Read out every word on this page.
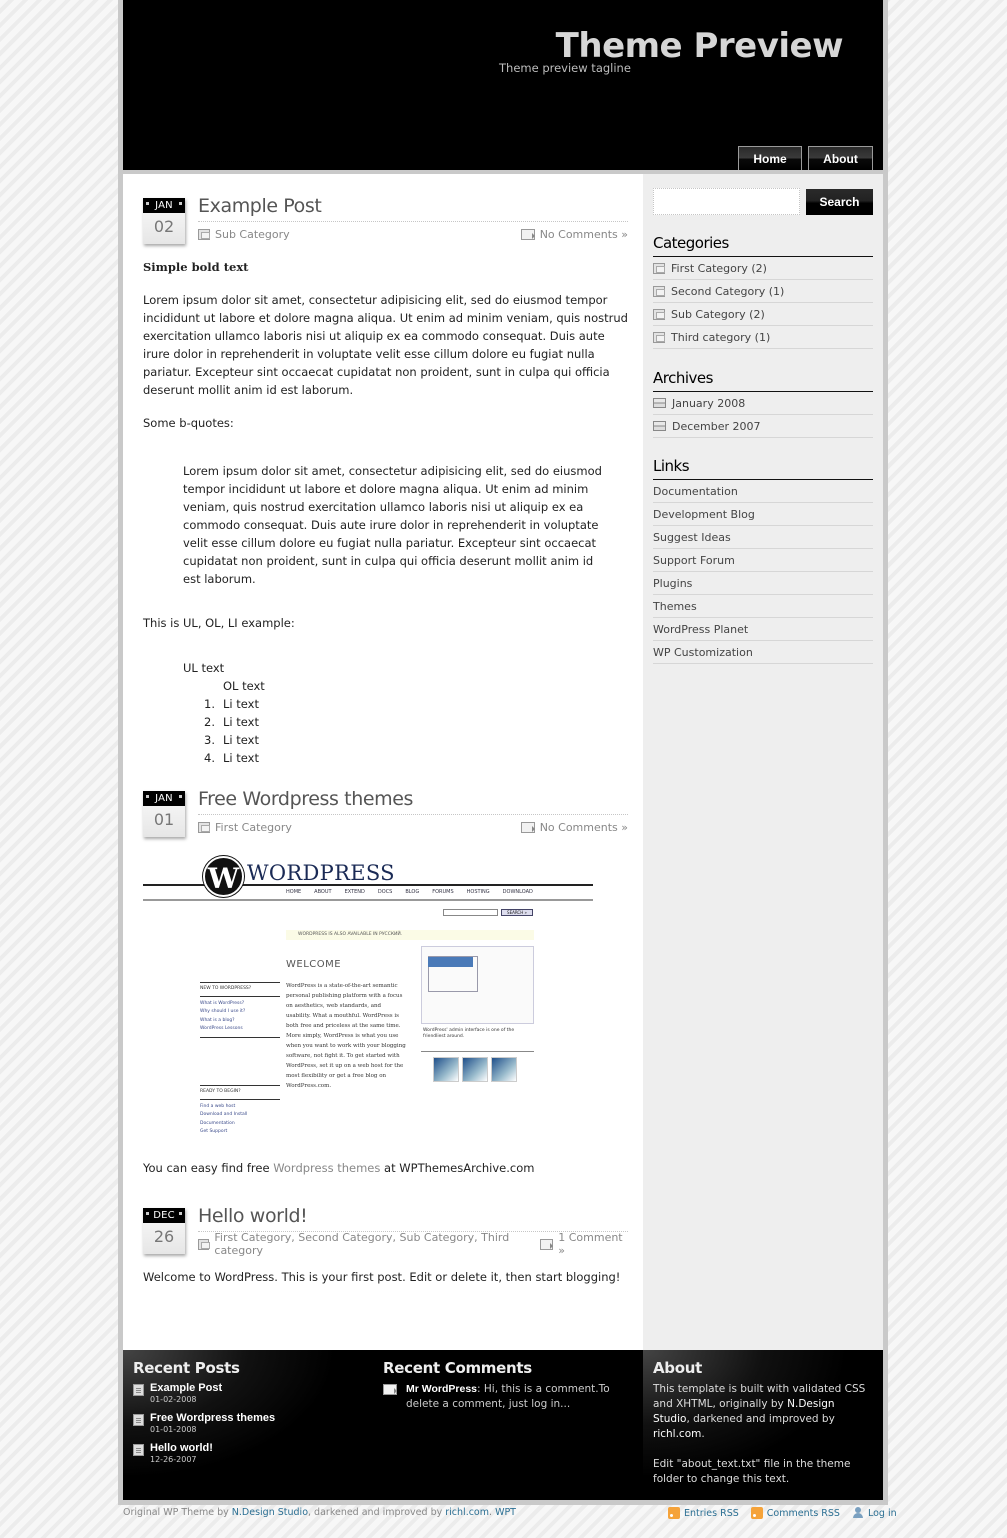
Theme Preview
Theme preview tagline
Home	About
JAN
02
Example Post
Sub Category	No Comments »

Simple bold text

Lorem ipsum dolor sit amet, consectetur adipisicing elit, sed do eiusmod tempor incididunt ut labore et dolore magna aliqua. Ut enim ad minim veniam, quis nostrud exercitation ullamco laboris nisi ut aliquip ex ea commodo consequat. Duis aute irure dolor in reprehenderit in voluptate velit esse cillum dolore eu fugiat nulla pariatur. Excepteur sint occaecat cupidatat non proident, sunt in culpa qui officia deserunt mollit anim id est laborum.

Some b-quotes:

Lorem ipsum dolor sit amet, consectetur adipisicing elit, sed do eiusmod tempor incididunt ut labore et dolore magna aliqua. Ut enim ad minim veniam, quis nostrud exercitation ullamco laboris nisi ut aliquip ex ea commodo consequat. Duis aute irure dolor in reprehenderit in voluptate velit esse cillum dolore eu fugiat nulla pariatur. Excepteur sint occaecat cupidatat non proident, sunt in culpa qui officia deserunt mollit anim id est laborum.

This is UL, OL, LI example:

UL text
OL text
1. Li text
2. Li text
3. Li text
4. Li text
JAN
01
Free Wordpress themes
First Category	No Comments »
W WORDPRESS
HOME	ABOUT	EXTEND	DOCS	BLOG	FORUMS	HOSTING	DOWNLOAD
SEARCH »
WORDPRESS IS ALSO AVAILABLE IN РУССКИЙ.
WELCOME
WordPress is a state-of-the-art semantic personal publishing platform with a focus on aesthetics, web standards, and usability. What a mouthful. WordPress is both free and priceless at the same time. More simply, WordPress is what you use when you want to work with your blogging software, not fight it. To get started with WordPress, set it up on a web host for the most flexibility or get a free blog on WordPress.com.
NEW TO WORDPRESS?
What is WordPress?
Why should I use it?
What is a blog?
WordPress Lessons
READY TO BEGIN?
Find a web host
Download and Install
Documentation
Get Support
WordPress' admin interface is one of the friendliest around.

You can easy find free Wordpress themes at WPThemesArchive.com

DEC
26
Hello world!
First Category, Second Category, Sub Category, Third category
1 Comment »

Welcome to WordPress. This is your first post. Edit or delete it, then start blogging!

Search
Categories
First Category (2)
Second Category (1)
Sub Category (2)
Third category (1)
Archives
January 2008
December 2007
Links
Documentation
Development Blog
Suggest Ideas
Support Forum
Plugins
Themes
WordPress Planet
WP Customization
Recent Posts
Example Post
01-02-2008
Free Wordpress themes
01-01-2008
Hello world!
12-26-2007
Recent Comments
Mr WordPress: Hi, this is a comment.To delete a comment, just log in...
About

This template is built with validated CSS and XHTML, originally by N.Design Studio, darkened and improved by richl.com.

Edit "about_text.txt" file in the theme folder to change this text.

Original WP Theme by N.Design Studio, darkened and improved by richl.com. WPT	Entries RSS	Comments RSS	Log in
